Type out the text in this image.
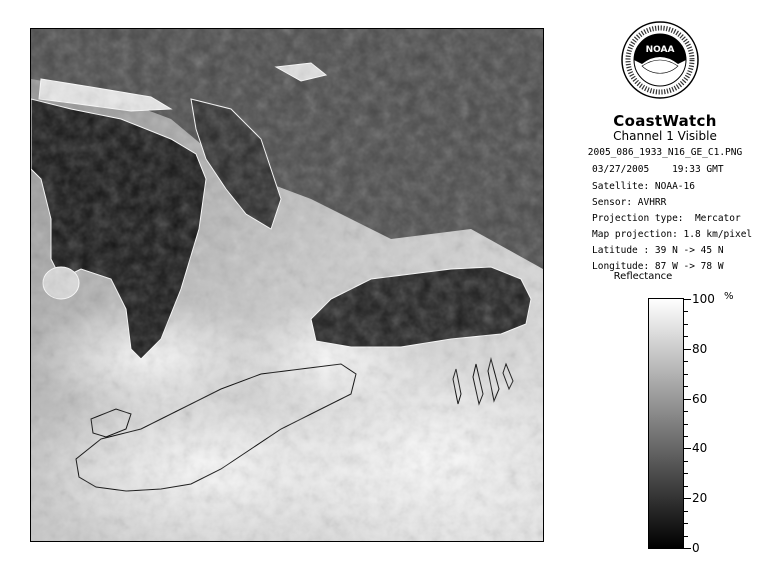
NOAA
CoastWatch
Channel 1 Visible
2005_086_1933_N16_GE_C1.PNG
03/27/2005    19:33 GMT
Satellite: NOAA-16
Sensor: AVHRR
Projection type:  Mercator
Map projection: 1.8 km/pixel
Latitude : 39 N -> 45 N
Longitude: 87 W -> 78 W
Reflectance
%
100
80
60
40
20
0
